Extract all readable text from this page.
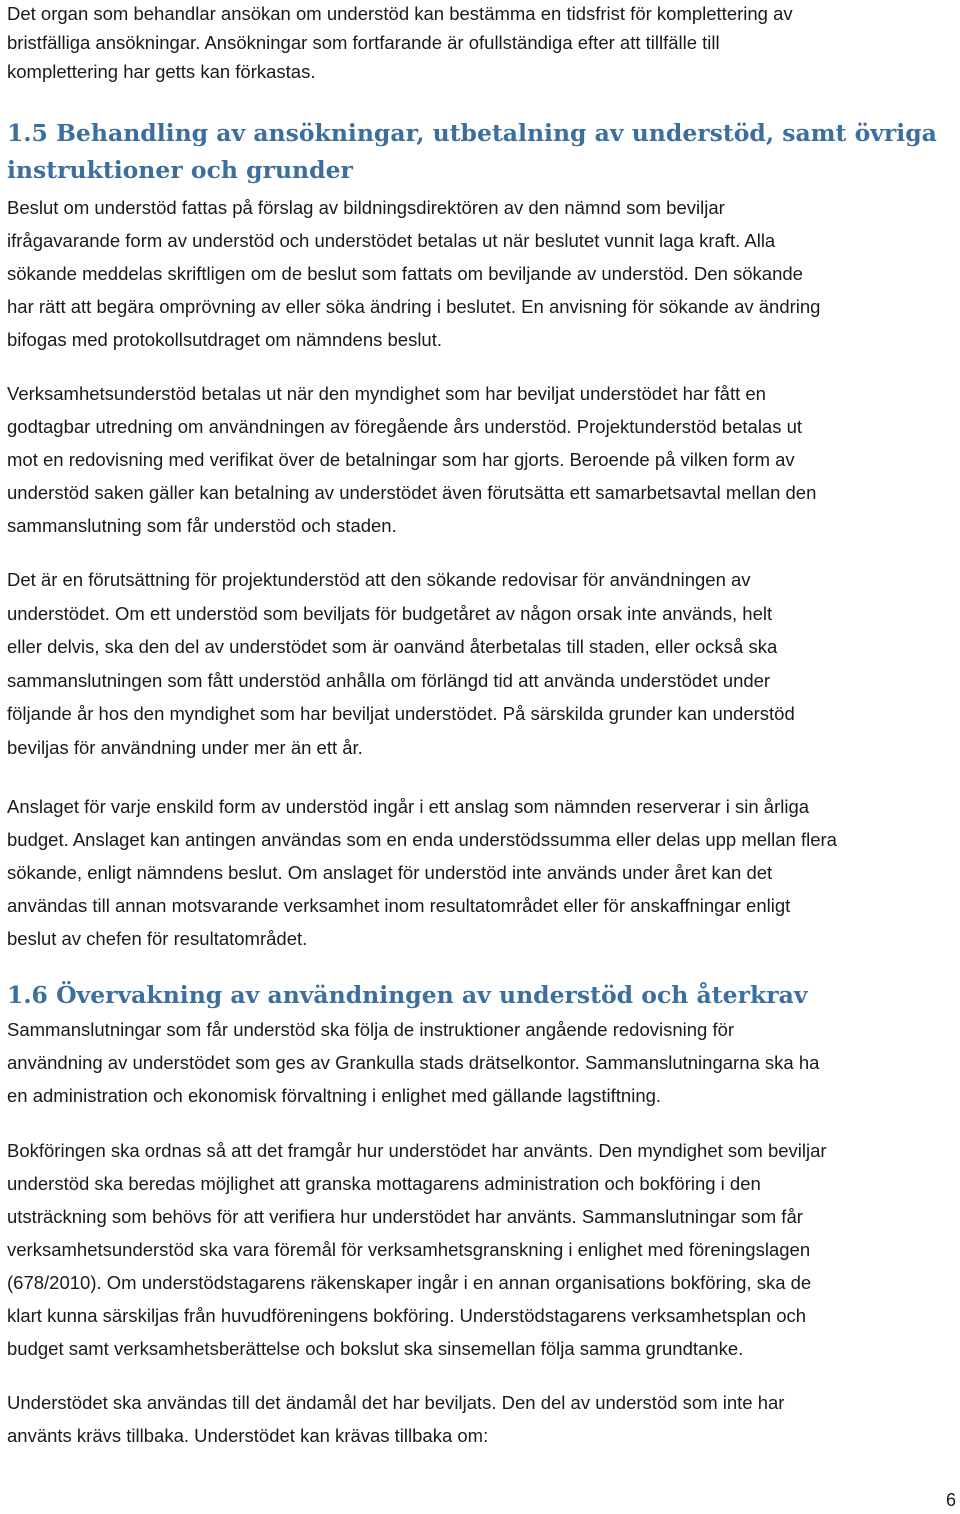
Det organ som behandlar ansökan om understöd kan bestämma en tidsfrist för komplettering av
bristfälliga ansökningar. Ansökningar som fortfarande är ofullständiga efter att tillfälle till
komplettering har getts kan förkastas.

1.5 Behandling av ansökningar, utbetalning av understöd, samt övriga
instruktioner och grunder

Beslut om understöd fattas på förslag av bildningsdirektören av den nämnd som beviljar
ifrågavarande form av understöd och understödet betalas ut när beslutet vunnit laga kraft. Alla
sökande meddelas skriftligen om de beslut som fattats om beviljande av understöd. Den sökande
har rätt att begära omprövning av eller söka ändring i beslutet. En anvisning för sökande av ändring
bifogas med protokollsutdraget om nämndens beslut.

Verksamhetsunderstöd betalas ut när den myndighet som har beviljat understödet har fått en
godtagbar utredning om användningen av föregående års understöd. Projektunderstöd betalas ut
mot en redovisning med verifikat över de betalningar som har gjorts. Beroende på vilken form av
understöd saken gäller kan betalning av understödet även förutsätta ett samarbetsavtal mellan den
sammanslutning som får understöd och staden.

Det är en förutsättning för projektunderstöd att den sökande redovisar för användningen av
understödet. Om ett understöd som beviljats för budgetåret av någon orsak inte används, helt
eller delvis, ska den del av understödet som är oanvänd återbetalas till staden, eller också ska
sammanslutningen som fått understöd anhålla om förlängd tid att använda understödet under
följande år hos den myndighet som har beviljat understödet. På särskilda grunder kan understöd
beviljas för användning under mer än ett år.

Anslaget för varje enskild form av understöd ingår i ett anslag som nämnden reserverar i sin årliga
budget. Anslaget kan antingen användas som en enda understödssumma eller delas upp mellan flera
sökande, enligt nämndens beslut. Om anslaget för understöd inte används under året kan det
användas till annan motsvarande verksamhet inom resultatområdet eller för anskaffningar enligt
beslut av chefen för resultatområdet.

1.6 Övervakning av användningen av understöd och återkrav

Sammanslutningar som får understöd ska följa de instruktioner angående redovisning för
användning av understödet som ges av Grankulla stads drätselkontor. Sammanslutningarna ska ha
en administration och ekonomisk förvaltning i enlighet med gällande lagstiftning.

Bokföringen ska ordnas så att det framgår hur understödet har använts. Den myndighet som beviljar
understöd ska beredas möjlighet att granska mottagarens administration och bokföring i den
utsträckning som behövs för att verifiera hur understödet har använts. Sammanslutningar som får
verksamhetsunderstöd ska vara föremål för verksamhetsgranskning i enlighet med föreningslagen
(678/2010). Om understödstagarens räkenskaper ingår i en annan organisations bokföring, ska de
klart kunna särskiljas från huvudföreningens bokföring. Understödstagarens verksamhetsplan och
budget samt verksamhetsberättelse och bokslut ska sinsemellan följa samma grundtanke.

Understödet ska användas till det ändamål det har beviljats. Den del av understöd som inte har
använts krävs tillbaka. Understödet kan krävas tillbaka om:

6
